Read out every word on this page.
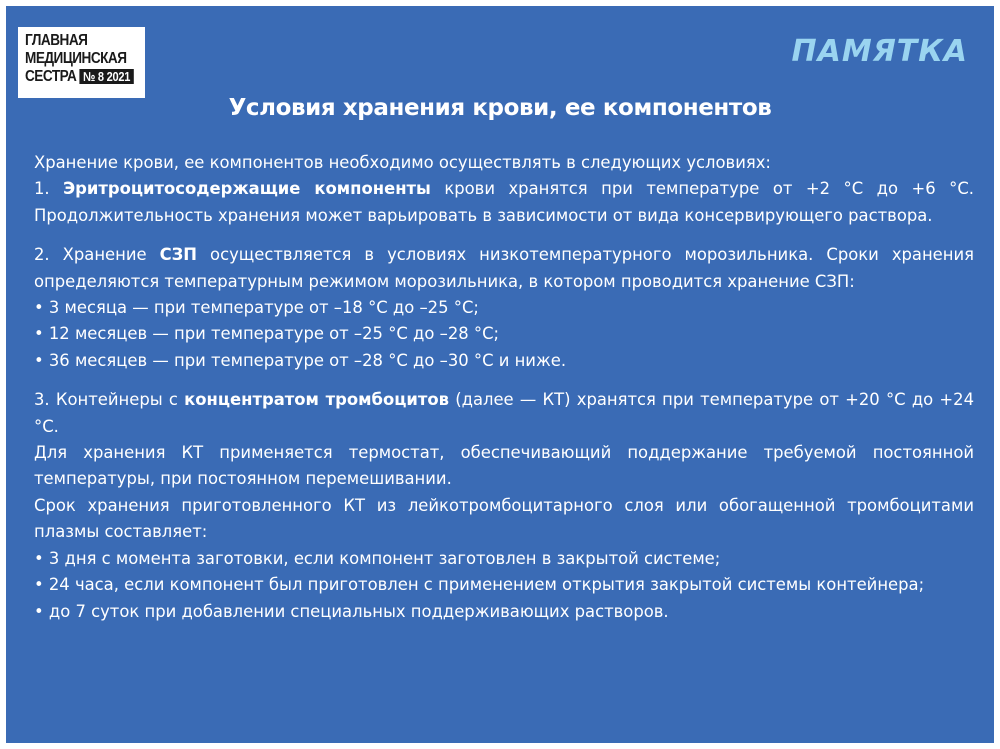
ГЛАВНАЯ
МЕДИЦИНСКАЯ
СЕСТРА № 8 2021
ПАМЯТКА
Условия хранения крови, ее компонентов

Хранение крови, ее компонентов необходимо осуществлять в следующих условиях:

1. Эритроцитосодержащие компоненты крови хранятся при температуре от +2 °С до +6 °С. Продолжительность хранения может варьировать в зависимости от вида консервирующего раствора.

2. Хранение СЗП осуществляется в условиях низкотемпературного морозильника. Сроки хранения определяются температурным режимом морозильника, в котором проводится хранение СЗП:

• 3 месяца — при температуре от –18 °С до –25 °С;

• 12 месяцев — при температуре от –25 °С до –28 °С;

• 36 месяцев — при температуре от –28 °С до –30 °С и ниже.

3. Контейнеры с концентратом тромбоцитов (далее — КТ) хранятся при температуре от +20 °С до +24 °С.

Для хранения КТ применяется термостат, обеспечивающий поддержание требуемой постоянной температуры, при постоянном перемешивании.

Срок хранения приготовленного КТ из лейкотромбоцитарного слоя или обогащенной тромбоцитами плазмы составляет:

• 3 дня с момента заготовки, если компонент заготовлен в закрытой системе;

• 24 часа, если компонент был приготовлен с применением открытия закрытой системы контейнера;

• до 7 суток при добавлении специальных поддерживающих растворов.
